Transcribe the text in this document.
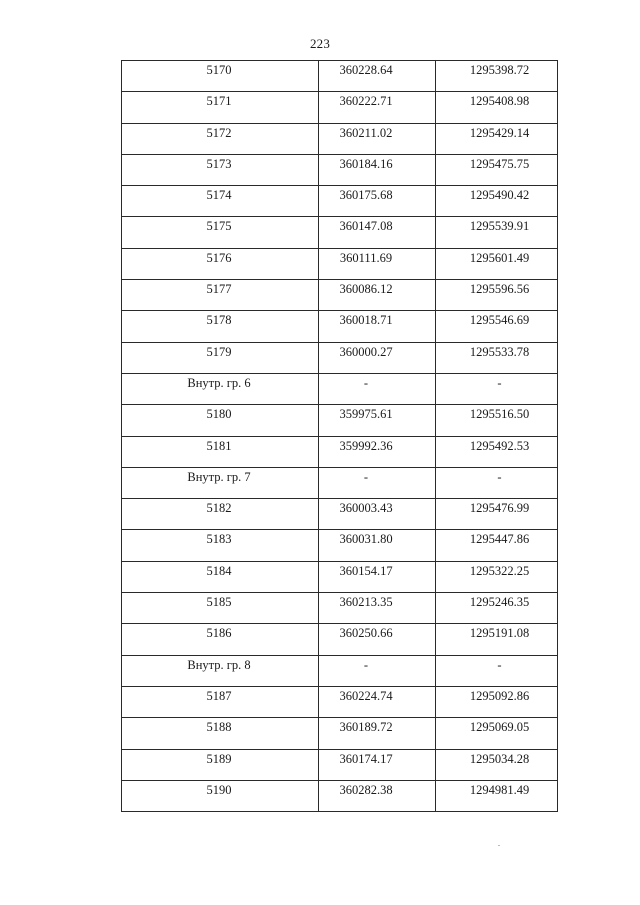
223
5170	360228.64	1295398.72

5171	360222.71	1295408.98

5172	360211.02	1295429.14

5173	360184.16	1295475.75

5174	360175.68	1295490.42

5175	360147.08	1295539.91

5176	360111.69	1295601.49

5177	360086.12	1295596.56

5178	360018.71	1295546.69

5179	360000.27	1295533.78

Внутр. гр. 6	-	-

5180	359975.61	1295516.50

5181	359992.36	1295492.53

Внутр. гр. 7	-	-

5182	360003.43	1295476.99

5183	360031.80	1295447.86

5184	360154.17	1295322.25

5185	360213.35	1295246.35

5186	360250.66	1295191.08

Внутр. гр. 8	-	-

5187	360224.74	1295092.86

5188	360189.72	1295069.05

5189	360174.17	1295034.28

5190	360282.38	1294981.49
